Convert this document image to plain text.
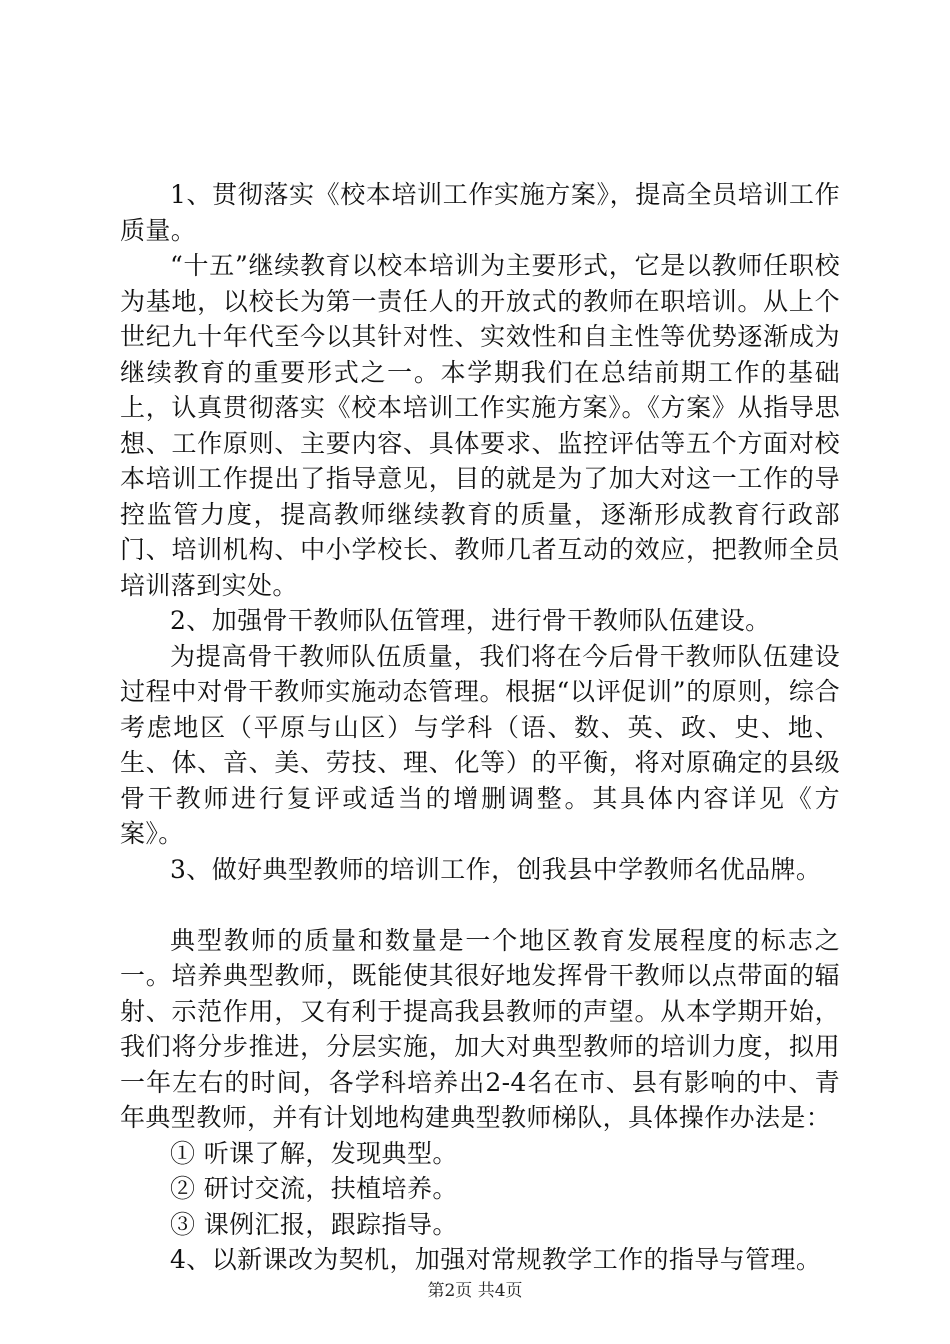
1、贯彻落实《校本培训工作实施方案》，提高全员培训工作质量。

“十五”继续教育以校本培训为主要形式，它是以教师任职校为基地，以校长为第一责任人的开放式的教师在职培训。从上个世纪九十年代至今以其针对性、实效性和自主性等优势逐渐成为继续教育的重要形式之一。本学期我们在总结前期工作的基础上，认真贯彻落实《校本培训工作实施方案》。《方案》从指导思想、工作原则、主要内容、具体要求、监控评估等五个方面对校本培训工作提出了指导意见，目的就是为了加大对这一工作的导控监管力度，提高教师继续教育的质量，逐渐形成教育行政部门、培训机构、中小学校长、教师几者互动的效应，把教师全员培训落到实处。

2、加强骨干教师队伍管理，进行骨干教师队伍建设。

为提高骨干教师队伍质量，我们将在今后骨干教师队伍建设过程中对骨干教师实施动态管理。根据“以评促训”的原则，综合考虑地区（平原与山区）与学科（语、数、英、政、史、地、生、体、音、美、劳技、理、化等）的平衡，将对原确定的县级骨干教师进行复评或适当的增删调整。其具体内容详见《方案》。

3、做好典型教师的培训工作，创我县中学教师名优品牌。

典型教师的质量和数量是一个地区教育发展程度的标志之一。培养典型教师，既能使其很好地发挥骨干教师以点带面的辐射、示范作用，又有利于提高我县教师的声望。从本学期开始，我们将分步推进，分层实施，加大对典型教师的培训力度，拟用一年左右的时间，各学科培养出2-4名在市、县有影响的中、青年典型教师，并有计划地构建典型教师梯队，具体操作办法是：

① 听课了解，发现典型。

② 研讨交流，扶植培养。

③ 课例汇报，跟踪指导。

4、以新课改为契机，加强对常规教学工作的指导与管理。

第2页 共4页
